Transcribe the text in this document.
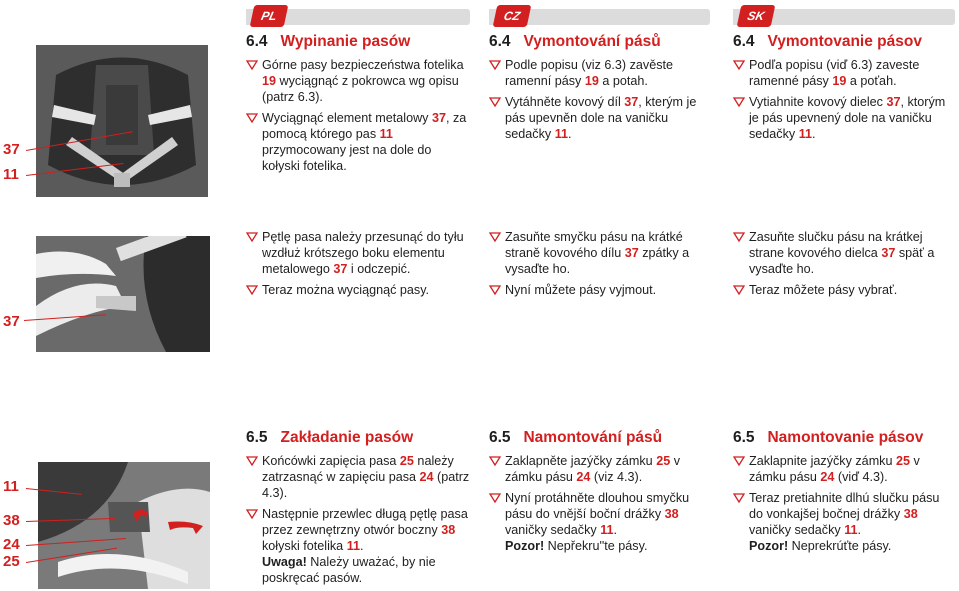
PL	CZ	SK
37
11
6.4 Wypinanie pasów
Górne pasy bezpieczeństwa fotelika 19 wyciągnąć z pokrowca wg opisu (patrz 6.3).
Wyciągnąć element metalowy 37, za pomocą którego pas 11 przymocowany jest na dole do kołyski fotelika.
6.4 Vymontování pásů
Podle popisu (viz 6.3) zavěste ramenní pásy 19 a potah.
Vytáhněte kovový díl 37, kterým je pás upevněn dole na vaničku sedačky 11.
6.4 Vymontovanie pásov
Podľa popisu (viď 6.3) zaveste ramenné pásy 19 a poťah.
Vytiahnite kovový dielec 37, ktorým je pás upevnený dole na vaničku sedačky 11.
37
Pętlę pasa należy przesunąć do tyłu wzdłuż krótszego boku elementu metalowego 37 i odczepić.
Teraz można wyciągnąć pasy.
Zasuňte smyčku pásu na krátké straně kovového dílu 37 zpátky a vysaďte ho.
Nyní můžete pásy vyjmout.
Zasuňte slučku pásu na krátkej strane kovového dielca 37 späť a vysaďte ho.
Teraz môžete pásy vybrať.
11
38
24
25
6.5 Zakładanie pasów
Końcówki zapięcia pasa 25 należy zatrzasnąć w zapięciu pasa 24 (patrz 4.3).
Następnie przewlec długą pętlę pasa przez zewnętrzny otwór boczny 38 kołyski fotelika 11.
Uwaga! Należy uważać, by nie poskręcać pasów.
6.5 Namontování pásů
Zaklapněte jazýčky zámku 25 v zámku pásu 24 (viz 4.3).
Nyní protáhněte dlouhou smyčku pásu do vnější boční drážky 38 vaničky sedačky 11.
Pozor! Nepřekru''te pásy.
6.5 Namontovanie pásov
Zaklapnite jazýčky zámku 25 v zámku pásu 24 (viď 4.3).
Teraz pretiahnite dlhú slučku pásu do vonkajšej bočnej drážky 38 vaničky sedačky 11.
Pozor! Neprekrúťte pásy.
